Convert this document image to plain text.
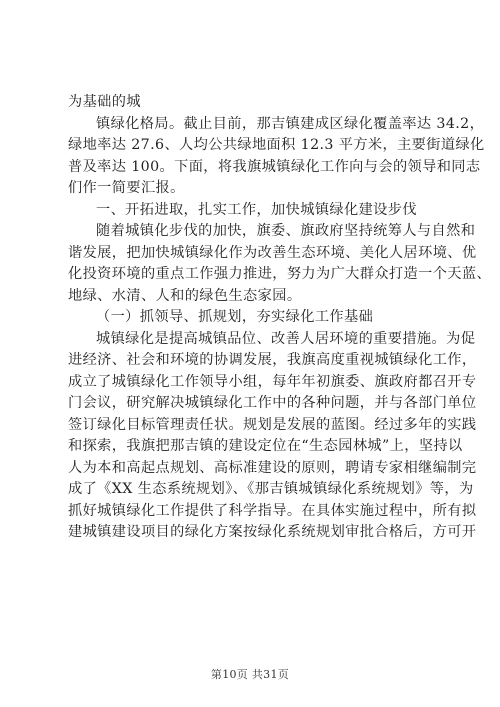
为基础的城

镇绿化格局。截止目前，那吉镇建成区绿化覆盖率达 34.2，

绿地率达 27.6、人均公共绿地面积 12.3 平方米，主要街道绿化

普及率达 100。下面，将我旗城镇绿化工作向与会的领导和同志

们作一简要汇报。

一、开拓进取，扎实工作，加快城镇绿化建设步伐

随着城镇化步伐的加快，旗委、旗政府坚持统筹人与自然和

谐发展，把加快城镇绿化作为改善生态环境、美化人居环境、优

化投资环境的重点工作强力推进，努力为广大群众打造一个天蓝、

地绿、水清、人和的绿色生态家园。

（一）抓领导、抓规划，夯实绿化工作基础

城镇绿化是提高城镇品位、改善人居环境的重要措施。为促

进经济、社会和环境的协调发展，我旗高度重视城镇绿化工作，

成立了城镇绿化工作领导小组，每年年初旗委、旗政府都召开专

门会议，研究解决城镇绿化工作中的各种问题，并与各部门单位

签订绿化目标管理责任状。规划是发展的蓝图。经过多年的实践

和探索，我旗把那吉镇的建设定位在“生态园林城”上，坚持以

人为本和高起点规划、高标准建设的原则，聘请专家相继编制完

成了《XX 生态系统规划》、《那吉镇城镇绿化系统规划》等，为

抓好城镇绿化工作提供了科学指导。在具体实施过程中，所有拟

建城镇建设项目的绿化方案按绿化系统规划审批合格后，方可开

第10页 共31页
